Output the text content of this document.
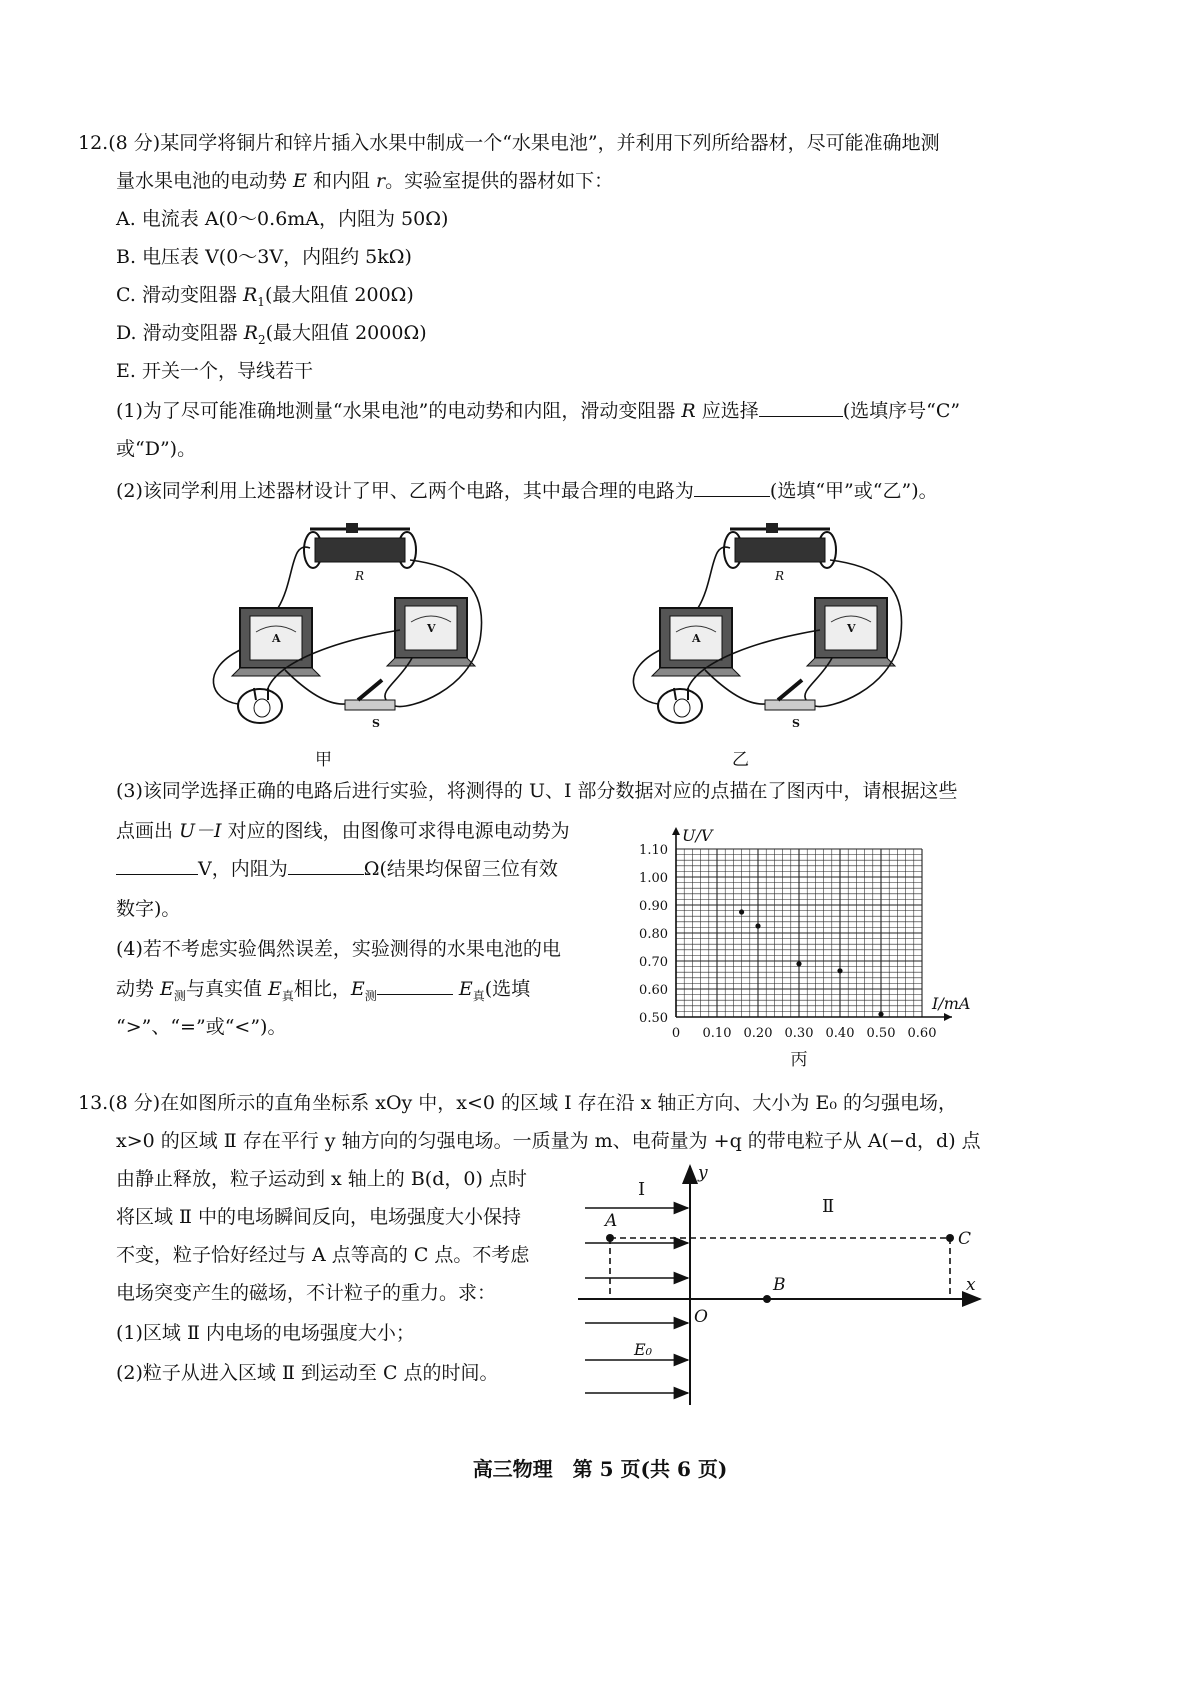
12.(8 分)某同学将铜片和锌片插入水果中制成一个“水果电池”，并利用下列所给器材，尽可能准确地测
量水果电池的电动势 E 和内阻 r。实验室提供的器材如下：
A. 电流表 A(0～0.6mA，内阻为 50Ω)
B. 电压表 V(0～3V，内阻约 5kΩ)
C. 滑动变阻器 $R_1$(最大阻值 200Ω)
D. 滑动变阻器 $R_2$(最大阻值 2000Ω)
E. 开关一个，导线若干
(1)为了尽可能准确地测量“水果电池”的电动势和内阻，滑动变阻器 R 应选择	(选填序号“C”
或“D”)。
(2)该同学利用上述器材设计了甲、乙两个电路，其中最合理的电路为	(选填“甲”或“乙”)。
R	R
A	A
V	V
S	S
甲	乙
(3)该同学选择正确的电路后进行实验，将测得的 U、I 部分数据对应的点描在了图丙中，请根据这些
点画出 U－I 对应的图线，由图像可求得电源电动势为
V，内阻为	Ω(结果均保留三位有效
数字)。
(4)若不考虑实验偶然误差，实验测得的水果电池的电
动势 $E_测$与真实值 $E_真$相比，$E_测$	$E_真$(选填
“>”、“=”或“<”)。	0.50
0.60
0.70
0.80
0.90
1.00
1.10
0 0.10 0.20 0.30 0.40 0.50 0.60
U/V
I/mA
丙
13.(8 分)在如图所示的直角坐标系 xOy 中，x<0 的区域 Ⅰ 存在沿 x 轴正方向、大小为 E₀ 的匀强电场，
x>0 的区域 Ⅱ 存在平行 y 轴方向的匀强电场。一质量为 m、电荷量为 +q 的带电粒子从 A(−d，d) 点
由静止释放，粒子运动到 x 轴上的 B(d，0) 点时
将区域 Ⅱ 中的电场瞬间反向，电场强度大小保持
不变，粒子恰好经过与 A 点等高的 C 点。不考虑
电场突变产生的磁场，不计粒子的重力。求：
(1)区域 Ⅱ 内电场的电场强度大小；
(2)粒子从进入区域 Ⅱ 到运动至 C 点的时间。
Ⅰ
Ⅱ
A
B
C
O
x
y
E₀
高三物理　第 5 页(共 6 页)
